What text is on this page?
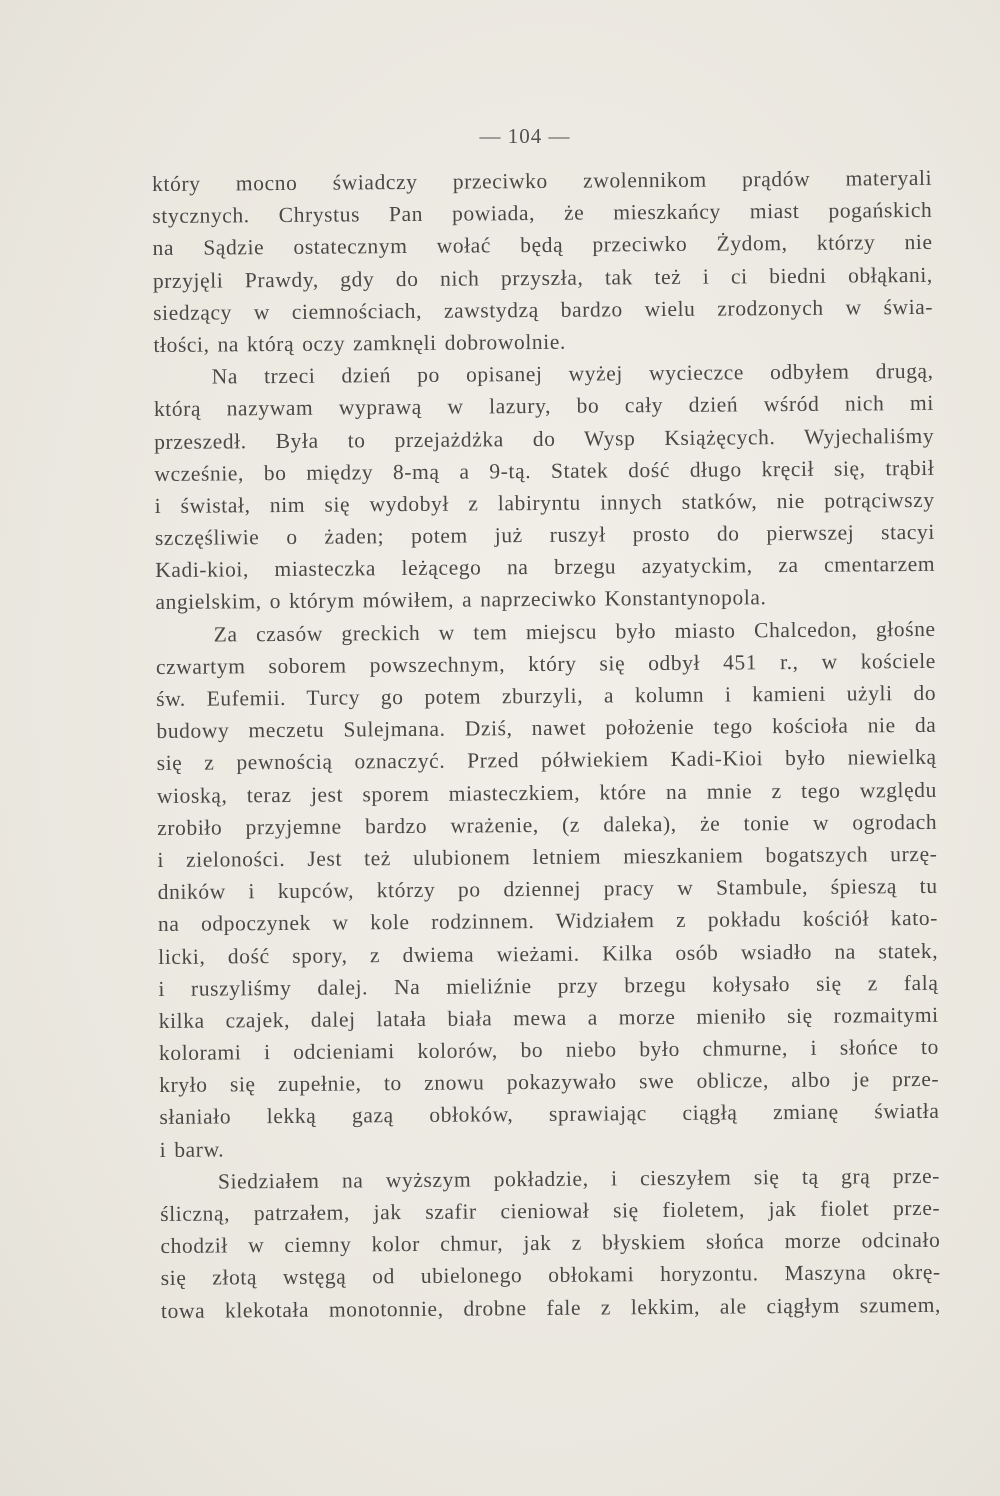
— 104 —
który mocno świadczy przeciwko zwolennikom prądów materyali
stycznych. Chrystus Pan powiada, że mieszkańcy miast pogańskich
na Sądzie ostatecznym wołać będą przeciwko Żydom, którzy nie
przyjęli Prawdy, gdy do nich przyszła, tak też i ci biedni obłąkani,
siedzący w ciemnościach, zawstydzą bardzo wielu zrodzonych w świa-
tłości, na którą oczy zamknęli dobrowolnie.
Na trzeci dzień po opisanej wyżej wycieczce odbyłem drugą,
którą nazywam wyprawą w lazury, bo cały dzień wśród nich mi
przeszedł. Była to przejażdżka do Wysp Książęcych. Wyjechaliśmy
wcześnie, bo między 8-mą a 9-tą. Statek dość długo kręcił się, trąbił
i świstał, nim się wydobył z labiryntu innych statków, nie potrąciwszy
szczęśliwie o żaden; potem już ruszył prosto do pierwszej stacyi
Kadi-kioi, miasteczka leżącego na brzegu azyatyckim, za cmentarzem
angielskim, o którym mówiłem, a naprzeciwko Konstantynopola.
Za czasów greckich w tem miejscu było miasto Chalcedon, głośne
czwartym soborem powszechnym, który się odbył 451 r., w kościele
św. Eufemii. Turcy go potem zburzyli, a kolumn i kamieni użyli do
budowy meczetu Sulejmana. Dziś, nawet położenie tego kościoła nie da
się z pewnością oznaczyć. Przed półwiekiem Kadi-Kioi było niewielką
wioską, teraz jest sporem miasteczkiem, które na mnie z tego względu
zrobiło przyjemne bardzo wrażenie, (z daleka), że tonie w ogrodach
i zieloności. Jest też ulubionem letniem mieszkaniem bogatszych urzę-
dników i kupców, którzy po dziennej pracy w Stambule, śpieszą tu
na odpoczynek w kole rodzinnem. Widziałem z pokładu kościół kato-
licki, dość spory, z dwiema wieżami. Kilka osób wsiadło na statek,
i ruszyliśmy dalej. Na mieliźnie przy brzegu kołysało się z falą
kilka czajek, dalej latała biała mewa a morze mieniło się rozmaitymi
kolorami i odcieniami kolorów, bo niebo było chmurne, i słońce to
kryło się zupełnie, to znowu pokazywało swe oblicze, albo je prze-
słaniało lekką gazą obłoków, sprawiając ciągłą zmianę światła
i barw.
Siedziałem na wyższym pokładzie, i cieszyłem się tą grą prze-
śliczną, patrzałem, jak szafir cieniował się fioletem, jak fiolet prze-
chodził w ciemny kolor chmur, jak z błyskiem słońca morze odcinało
się złotą wstęgą od ubielonego obłokami horyzontu. Maszyna okrę-
towa klekotała monotonnie, drobne fale z lekkim, ale ciągłym szumem,
